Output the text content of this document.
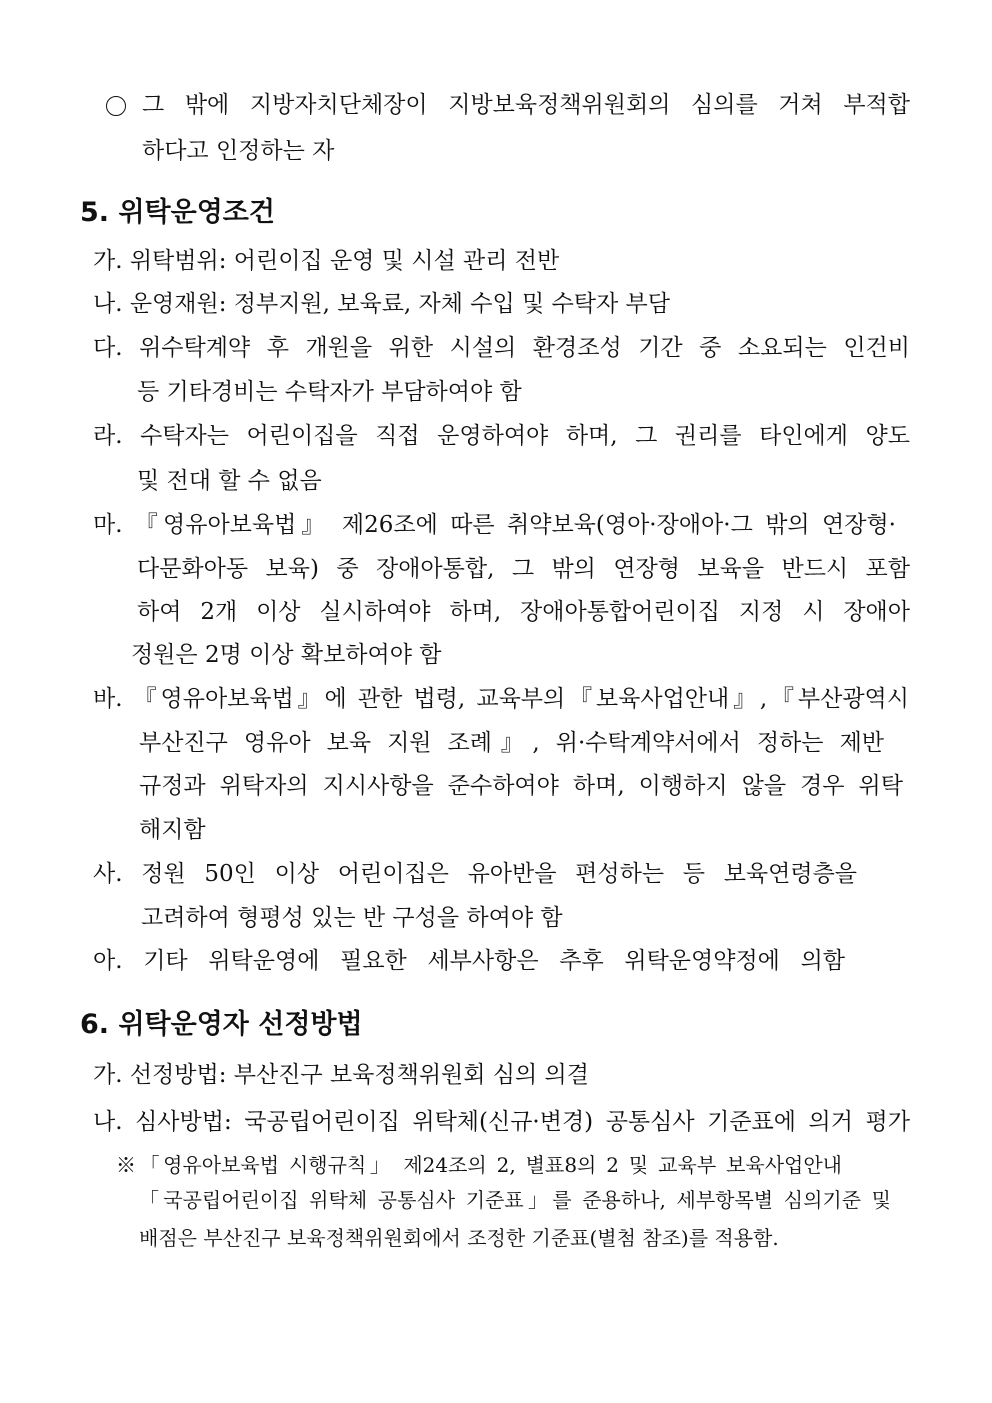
그 밖에 지방자치단체장이 지방보육정책위원회의 심의를 거쳐 부적합
하다고 인정하는 자
5. 위탁운영조건
가. 위탁범위: 어린이집 운영 및 시설 관리 전반
나. 운영재원: 정부지원, 보육료, 자체 수입 및 수탁자 부담
다. 위수탁계약 후 개원을 위한 시설의 환경조성 기간 중 소요되는 인건비
등 기타경비는 수탁자가 부담하여야 함
라. 수탁자는 어린이집을 직접 운영하여야 하며, 그 권리를 타인에게 양도
및 전대 할 수 없음
마. 『영유아보육법』 제26조에 따른 취약보육(영아·장애아·그 밖의 연장형·
다문화아동 보육) 중 장애아통합, 그 밖의 연장형 보육을 반드시 포함
하여 2개 이상 실시하여야 하며, 장애아통합어린이집 지정 시 장애아
정원은 2명 이상 확보하여야 함
바. 『영유아보육법』에 관한 법령, 교육부의『보육사업안내』,『부산광역시
부산진구 영유아 보육 지원 조례』, 위·수탁계약서에서 정하는 제반
규정과 위탁자의 지시사항을 준수하여야 하며, 이행하지 않을 경우 위탁
해지함
사. 정원 50인 이상 어린이집은 유아반을 편성하는 등 보육연령층을
고려하여 형평성 있는 반 구성을 하여야 함
아. 기타 위탁운영에 필요한 세부사항은 추후 위탁운영약정에 의함
6. 위탁운영자 선정방법
가. 선정방법: 부산진구 보육정책위원회 심의 의결
나. 심사방법: 국공립어린이집 위탁체(신규·변경) 공통심사 기준표에 의거 평가
※「영유아보육법 시행규칙」 제24조의 2, 별표8의 2 및 교육부 보육사업안내
「국공립어린이집 위탁체 공통심사 기준표」를 준용하나, 세부항목별 심의기준 및
배점은 부산진구 보육정책위원회에서 조정한 기준표(별첨 참조)를 적용함.
